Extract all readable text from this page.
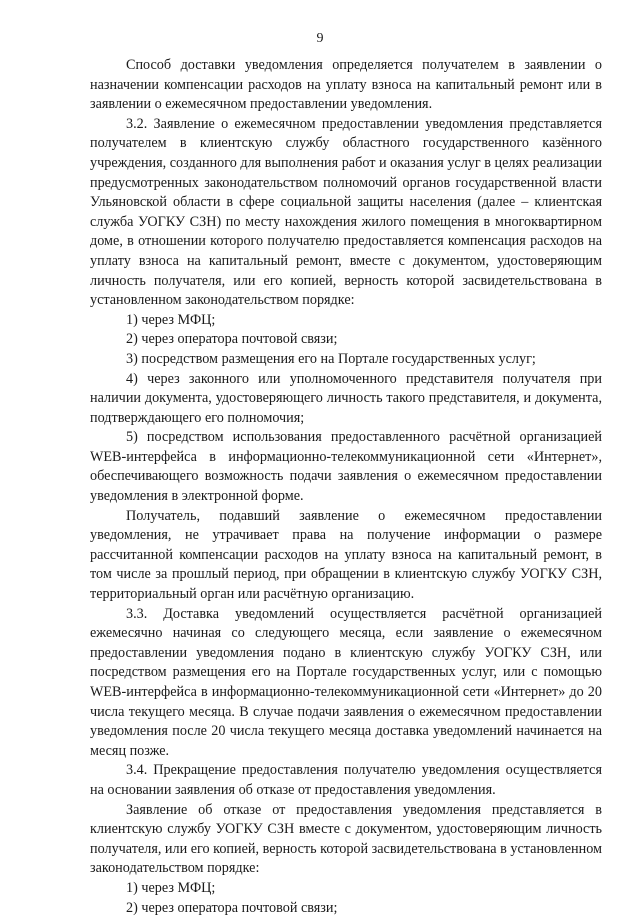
9

Способ доставки уведомления определяется получателем в заявлении о назначении компенсации расходов на уплату взноса на капитальный ремонт или в заявлении о ежемесячном предоставлении уведомления.

3.2. Заявление о ежемесячном предоставлении уведомления представляется получателем в клиентскую службу областного государственного казённого учреждения, созданного для выполнения работ и оказания услуг в целях реализации предусмотренных законодательством полномочий органов государственной власти Ульяновской области в сфере социальной защиты населения (далее – клиентская служба УОГКУ СЗН) по месту нахождения жилого помещения в многоквартирном доме, в отношении которого получателю предоставляется компенсация расходов на уплату взноса на капитальный ремонт, вместе с документом, удостоверяющим личность получателя, или его копией, верность которой засвидетельствована в установленном законодательством порядке:

1) через МФЦ;

2) через оператора почтовой связи;

3) посредством размещения его на Портале государственных услуг;

4) через законного или уполномоченного представителя получателя при наличии документа, удостоверяющего личность такого представителя, и документа, подтверждающего его полномочия;

5) посредством использования предоставленного расчётной организацией WEB-интерфейса в информационно-телекоммуникационной сети «Интернет», обеспечивающего возможность подачи заявления о ежемесячном предоставлении уведомления в электронной форме.

Получатель, подавший заявление о ежемесячном предоставлении уведомления, не утрачивает права на получение информации о размере рассчитанной компенсации расходов на уплату взноса на капитальный ремонт, в том числе за прошлый период, при обращении в клиентскую службу УОГКУ СЗН, территориальный орган или расчётную организацию.

3.3. Доставка уведомлений осуществляется расчётной организацией ежемесячно начиная со следующего месяца, если заявление о ежемесячном предоставлении уведомления подано в клиентскую службу УОГКУ СЗН, или посредством размещения его на Портале государственных услуг, или с помощью WEB-интерфейса в информационно-телекоммуникационной сети «Интернет» до 20 числа текущего месяца. В случае подачи заявления о ежемесячном предоставлении уведомления после 20 числа текущего месяца доставка уведомлений начинается на месяц позже.

3.4. Прекращение предоставления получателю уведомления осуществляется на основании заявления об отказе от предоставления уведомления.

Заявление об отказе от предоставления уведомления представляется в клиентскую службу УОГКУ СЗН вместе с документом, удостоверяющим личность получателя, или его копией, верность которой засвидетельствована в установленном законодательством порядке:

1) через МФЦ;

2) через оператора почтовой связи;
